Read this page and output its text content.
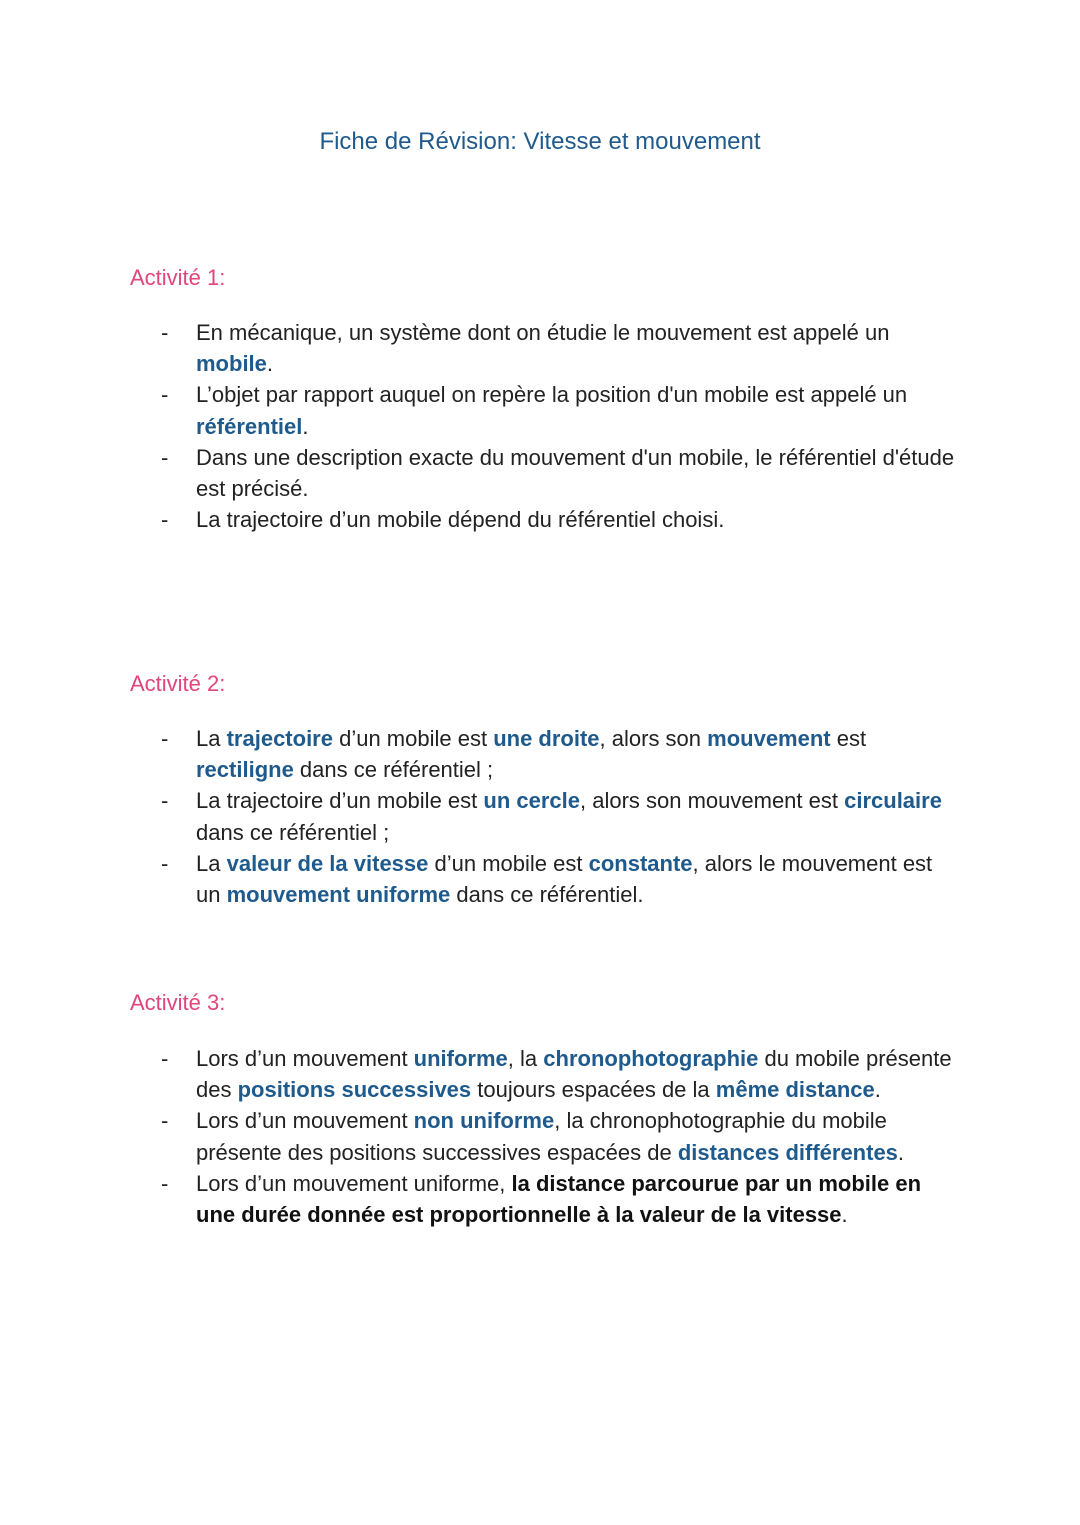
Fiche de Révision: Vitesse et mouvement
Activité 1:
- En mécanique, un système dont on étudie le mouvement est appelé un mobile.
- L’objet par rapport auquel on repère la position d'un mobile est appelé un référentiel.
- Dans une description exacte du mouvement d'un mobile, le référentiel d'étude est précisé.
- La trajectoire d’un mobile dépend du référentiel choisi.
Activité 2:
- La trajectoire d’un mobile est une droite, alors son mouvement est rectiligne dans ce référentiel ;
- La trajectoire d’un mobile est un cercle, alors son mouvement est circulaire dans ce référentiel ;
- La valeur de la vitesse d’un mobile est constante, alors le mouvement est un mouvement uniforme dans ce référentiel.
Activité 3:
- Lors d’un mouvement uniforme, la chronophotographie du mobile présente des positions successives toujours espacées de la même distance.
- Lors d’un mouvement non uniforme, la chronophotographie du mobile présente des positions successives espacées de distances différentes.
- Lors d’un mouvement uniforme, la distance parcourue par un mobile en une durée donnée est proportionnelle à la valeur de la vitesse.
